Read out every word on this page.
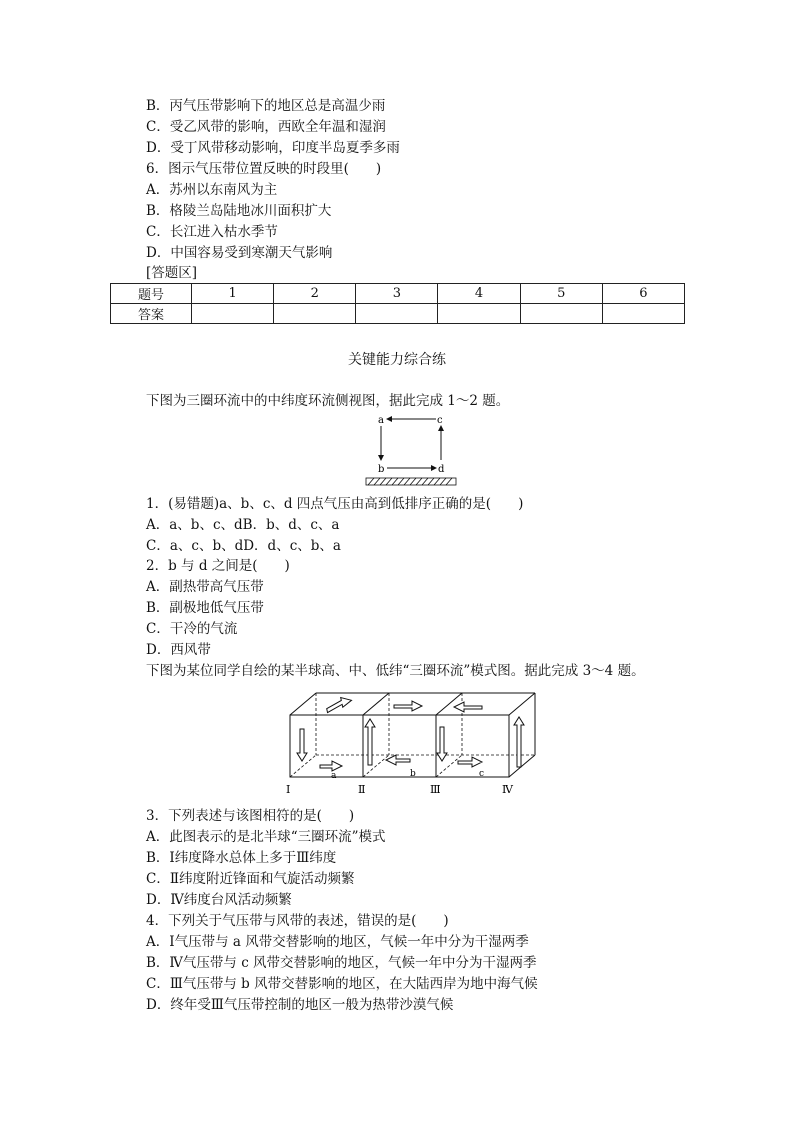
B．丙气压带影响下的地区总是高温少雨
C．受乙风带的影响，西欧全年温和湿润
D．受丁风带移动影响，印度半岛夏季多雨
6．图示气压带位置反映的时段里(　　)
A．苏州以东南风为主
B．格陵兰岛陆地冰川面积扩大
C．长江进入枯水季节
D．中国容易受到寒潮天气影响
[答题区]
题号	1	2	3	4	5	6
答案						
关键能力综合练
下图为三圈环流中的中纬度环流侧视图，据此完成 1～2 题。
a	c
b	d
1．(易错题)a、b、c、d 四点气压由高到低排序正确的是(　　)
A．a、b、c、dB．b、d、c、a
C．a、c、b、dD．d、c、b、a
2．b 与 d 之间是(　　)
A．副热带高气压带
B．副极地低气压带
C．干冷的气流
D．西风带
下图为某位同学自绘的某半球高、中、低纬“三圈环流”模式图。据此完成 3～4 题。
a	b	c
Ⅰ	Ⅱ	Ⅲ	Ⅳ
3．下列表述与该图相符的是(　　)
A．此图表示的是北半球“三圈环流”模式
B．Ⅰ纬度降水总体上多于Ⅲ纬度
C．Ⅱ纬度附近锋面和气旋活动频繁
D．Ⅳ纬度台风活动频繁
4．下列关于气压带与风带的表述，错误的是(　　)
A．Ⅰ气压带与 a 风带交替影响的地区，气候一年中分为干湿两季
B．Ⅳ气压带与 c 风带交替影响的地区，气候一年中分为干湿两季
C．Ⅲ气压带与 b 风带交替影响的地区，在大陆西岸为地中海气候
D．终年受Ⅲ气压带控制的地区一般为热带沙漠气候
